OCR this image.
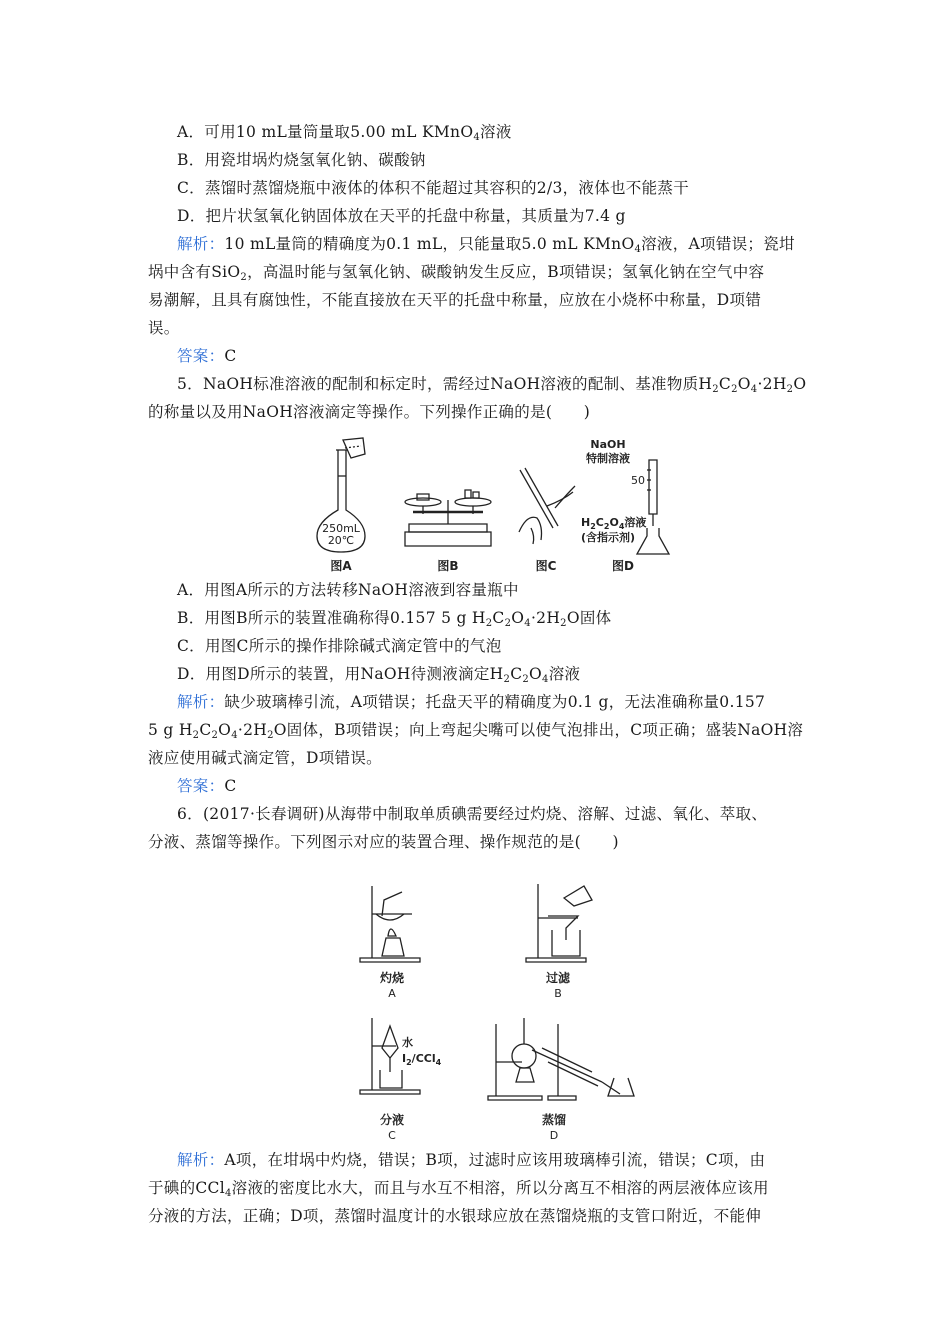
A．可用10 mL量筒量取5.00 mL KMnO$_4$溶液
B．用瓷坩埚灼烧氢氧化钠、碳酸钠
C．蒸馏时蒸馏烧瓶中液体的体积不能超过其容积的2/3，液体也不能蒸干
D．把片状氢氧化钠固体放在天平的托盘中称量，其质量为7.4 g
解析：10 mL量筒的精确度为0.1 mL，只能量取5.0 mL KMnO$_4$溶液，A项错误；瓷坩
埚中含有SiO$_2$，高温时能与氢氧化钠、碳酸钠发生反应，B项错误；氢氧化钠在空气中容
易潮解，且具有腐蚀性，不能直接放在天平的托盘中称量，应放在小烧杯中称量，D项错
误。
答案：C
5．NaOH标准溶液的配制和标定时，需经过NaOH溶液的配制、基准物质$H_2C_2O_4\cdot 2H_2O$
的称量以及用NaOH溶液滴定等操作。下列操作正确的是(　　)
250mL
20℃
图A	图B	图C
NaOH
特制溶液
50
$H_2C_2O_4$溶液
(含指示剂)
图D
A．用图A所示的方法转移NaOH溶液到容量瓶中
B．用图B所示的装置准确称得0.157 5 g $H_2C_2O_4\cdot 2H_2O$固体
C．用图C所示的操作排除碱式滴定管中的气泡
D．用图D所示的装置，用NaOH待测液滴定$H_2C_2O_4$溶液
解析：缺少玻璃棒引流，A项错误；托盘天平的精确度为0.1 g，无法准确称量0.157
5 g $H_2C_2O_4\cdot 2H_2O$固体，B项错误；向上弯起尖嘴可以使气泡排出，C项正确；盛装NaOH溶
液应使用碱式滴定管，D项错误。
答案：C
6．(2017·长春调研)从海带中制取单质碘需要经过灼烧、溶解、过滤、氧化、萃取、
分液、蒸馏等操作。下列图示对应的装置合理、操作规范的是(　　)
灼烧
A
过滤
B
水
$I_2/CCl_4$
分液
C
蒸馏
D
解析：A项，在坩埚中灼烧，错误；B项，过滤时应该用玻璃棒引流，错误；C项，由
于碘的CCl$_4$溶液的密度比水大，而且与水互不相溶，所以分离互不相溶的两层液体应该用
分液的方法，正确；D项，蒸馏时温度计的水银球应放在蒸馏烧瓶的支管口附近，不能伸
